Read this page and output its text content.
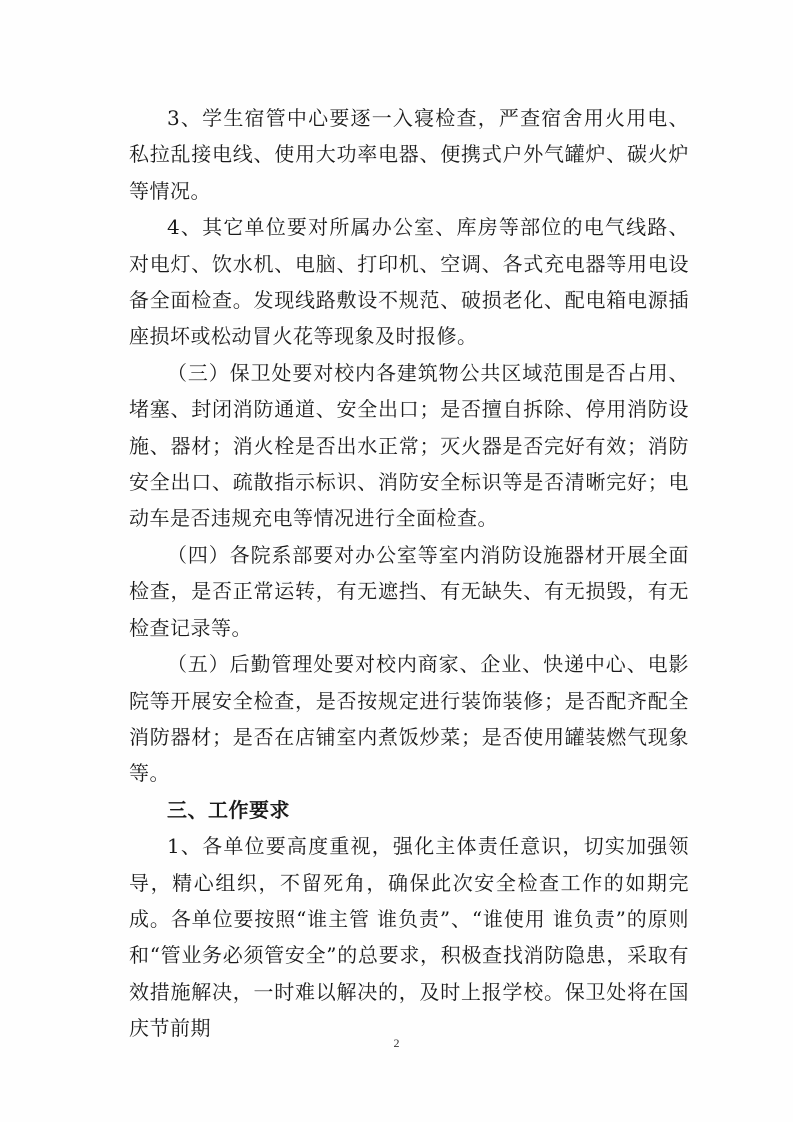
3、学生宿管中心要逐一入寝检查，严查宿舍用火用电、私拉乱接电线、使用大功率电器、便携式户外气罐炉、碳火炉等情况。

4、其它单位要对所属办公室、库房等部位的电气线路、对电灯、饮水机、电脑、打印机、空调、各式充电器等用电设备全面检查。发现线路敷设不规范、破损老化、配电箱电源插座损坏或松动冒火花等现象及时报修。

（三）保卫处要对校内各建筑物公共区域范围是否占用、堵塞、封闭消防通道、安全出口；是否擅自拆除、停用消防设施、器材；消火栓是否出水正常；灭火器是否完好有效；消防安全出口、疏散指示标识、消防安全标识等是否清晰完好；电动车是否违规充电等情况进行全面检查。

（四）各院系部要对办公室等室内消防设施器材开展全面检查，是否正常运转，有无遮挡、有无缺失、有无损毁，有无检查记录等。

（五）后勤管理处要对校内商家、企业、快递中心、电影院等开展安全检查，是否按规定进行装饰装修；是否配齐配全消防器材；是否在店铺室内煮饭炒菜；是否使用罐装燃气现象等。

三、工作要求

1、各单位要高度重视，强化主体责任意识，切实加强领导，精心组织，不留死角，确保此次安全检查工作的如期完成。各单位要按照“谁主管 谁负责”、“谁使用 谁负责”的原则和“管业务必须管安全”的总要求，积极查找消防隐患，采取有效措施解决，一时难以解决的，及时上报学校。保卫处将在国庆节前期

2
